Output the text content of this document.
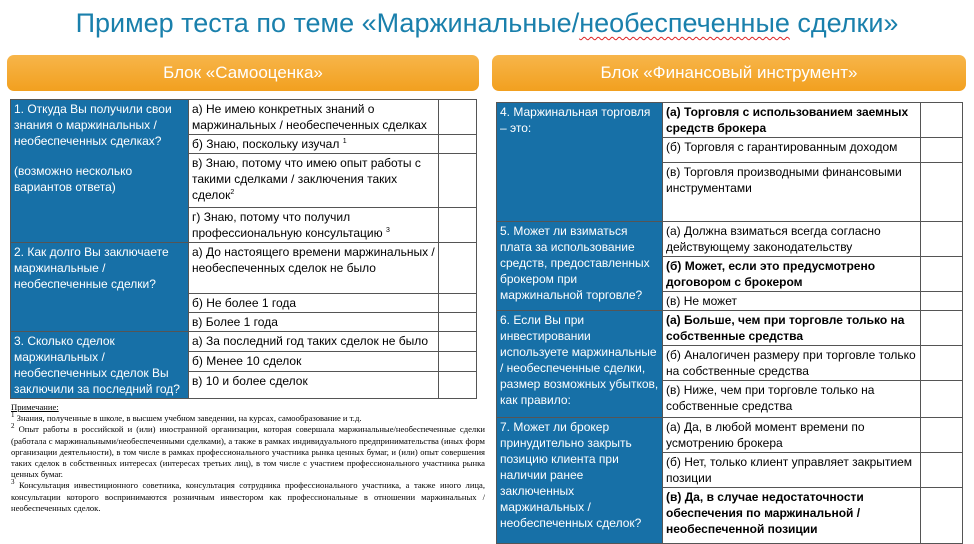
Пример теста по теме «Маржинальные/необеспеченные сделки»
Блок «Самооценка»	Блок «Финансовый инструмент»

1. Откуда Вы получили свои знания о маржинальных / необеспеченных сделках?

(возможно несколько вариантов ответа)	а) Не имею конкретных знаний о маржинальных / необеспеченных сделках	
	б) Знаю, поскольку изучал $^1$	
	в) Знаю, потому что имею опыт работы с такими сделками / заключения таких сделок$^2$	
	г) Знаю, потому что получил профессиональную консультацию $^3$	
2. Как долго Вы заключаете маржинальные / необеспеченные сделки?	а) До настоящего времени маржинальных / необеспеченных сделок не было	
	б) Не более 1 года	
	в) Более 1 года	
3. Сколько сделок маржинальных / необеспеченных сделок Вы заключили за последний год?	а) За последний год таких сделок не было	
	б) Менее 10 сделок	
	в) 10 и более сделок	

Примечание:

$^1$ Знания, полученные в школе, в высшем учебном заведении, на курсах, самообразование и т.д.

$^2$ Опыт работы в российской и (или) иностранной организации, которая совершала маржинальные/необеспеченные сделки (работала с маржинальными/необеспеченными сделками), а также в рамках индивидуального предпринимательства (иных форм организации деятельности), в том числе в рамках профессионального участника рынка ценных бумаг, и (или) опыт совершения таких сделок в собственных интересах (интересах третьих лиц), в том числе с участием профессионального участника рынка ценных бумаг.

$^3$ Консультация инвестиционного советника, консультация сотрудника профессионального участника, а также иного лица, консультации которого воспринимаются розничным инвестором как профессиональные в отношении маржинальных / необеспеченных сделок.

4. Маржинальная торговля – это:	(а) Торговля с использованием заемных средств брокера	
	(б) Торговля с гарантированным доходом	
	(в) Торговля производными финансовыми инструментами	
5. Может ли взиматься плата за использование средств, предоставленных брокером при маржинальной торговле?	(а) Должна взиматься всегда согласно действующему законодательству	
	(б) Может, если это предусмотрено договором с брокером	
	(в) Не может	
6. Если Вы при инвестировании используете маржинальные / необеспеченные сделки, размер возможных убытков, как правило:	(а) Больше, чем при торговле только на собственные средства	
	(б) Аналогичен размеру при торговле только на собственные средства	
	(в) Ниже, чем при торговле только на собственные средства	
7. Может ли брокер принудительно закрыть позицию клиента при наличии ранее заключенных маржинальных / необеспеченных сделок?	(а) Да, в любой момент времени по усмотрению брокера	
	(б) Нет, только клиент управляет закрытием позиции	
	(в) Да, в случае недостаточности обеспечения по маржинальной / необеспеченной позиции	
